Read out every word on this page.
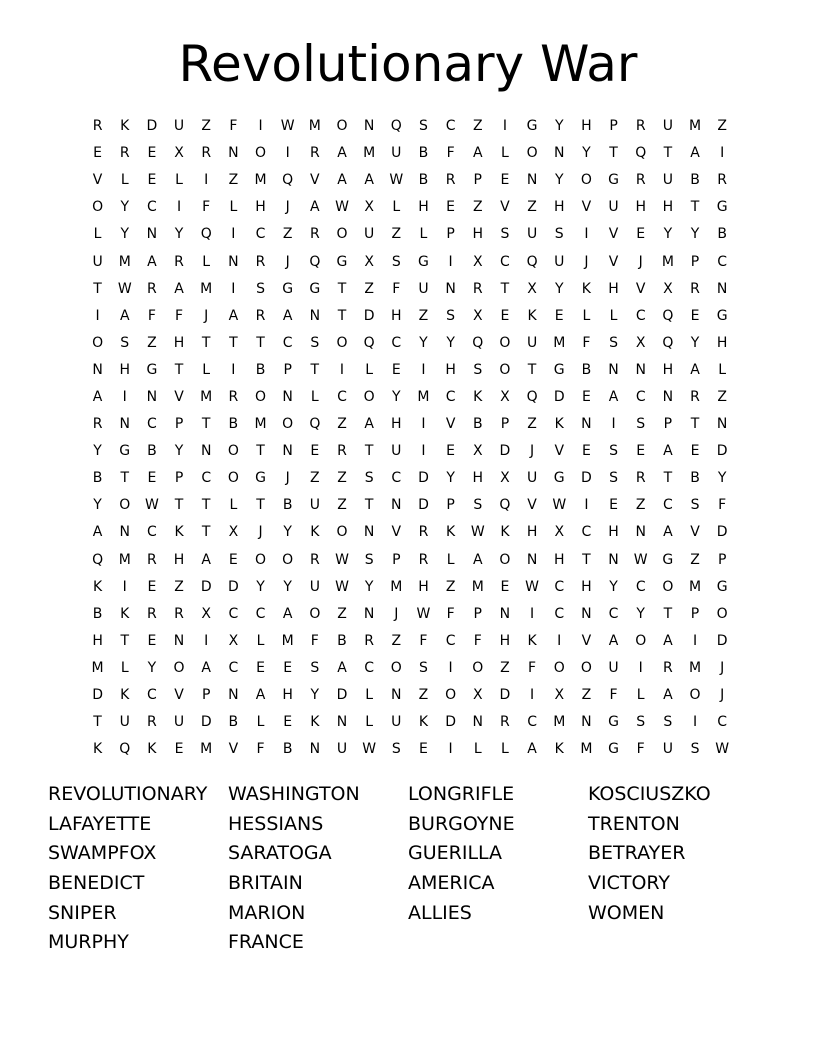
Revolutionary War
R	K	D	U	Z	F	I	W	M	O	N	Q	S	C	Z	I	G	Y	H	P	R	U	M	Z
E	R	E	X	R	N	O	I	R	A	M	U	B	F	A	L	O	N	Y	T	Q	T	A	I
V	L	E	L	I	Z	M	Q	V	A	A	W	B	R	P	E	N	Y	O	G	R	U	B	R
O	Y	C	I	F	L	H	J	A	W	X	L	H	E	Z	V	Z	H	V	U	H	H	T	G
L	Y	N	Y	Q	I	C	Z	R	O	U	Z	L	P	H	S	U	S	I	V	E	Y	Y	B
U	M	A	R	L	N	R	J	Q	G	X	S	G	I	X	C	Q	U	J	V	J	M	P	C
T	W	R	A	M	I	S	G	G	T	Z	F	U	N	R	T	X	Y	K	H	V	X	R	N
I	A	F	F	J	A	R	A	N	T	D	H	Z	S	X	E	K	E	L	L	C	Q	E	G
O	S	Z	H	T	T	T	C	S	O	Q	C	Y	Y	Q	O	U	M	F	S	X	Q	Y	H
N	H	G	T	L	I	B	P	T	I	L	E	I	H	S	O	T	G	B	N	N	H	A	L
A	I	N	V	M	R	O	N	L	C	O	Y	M	C	K	X	Q	D	E	A	C	N	R	Z
R	N	C	P	T	B	M	O	Q	Z	A	H	I	V	B	P	Z	K	N	I	S	P	T	N
Y	G	B	Y	N	O	T	N	E	R	T	U	I	E	X	D	J	V	E	S	E	A	E	D
B	T	E	P	C	O	G	J	Z	Z	S	C	D	Y	H	X	U	G	D	S	R	T	B	Y
Y	O	W	T	T	L	T	B	U	Z	T	N	D	P	S	Q	V	W	I	E	Z	C	S	F
A	N	C	K	T	X	J	Y	K	O	N	V	R	K	W	K	H	X	C	H	N	A	V	D
Q	M	R	H	A	E	O	O	R	W	S	P	R	L	A	O	N	H	T	N	W	G	Z	P
K	I	E	Z	D	D	Y	Y	U	W	Y	M	H	Z	M	E	W	C	H	Y	C	O	M	G
B	K	R	R	X	C	C	A	O	Z	N	J	W	F	P	N	I	C	N	C	Y	T	P	O
H	T	E	N	I	X	L	M	F	B	R	Z	F	C	F	H	K	I	V	A	O	A	I	D
M	L	Y	O	A	C	E	E	S	A	C	O	S	I	O	Z	F	O	O	U	I	R	M	J
D	K	C	V	P	N	A	H	Y	D	L	N	Z	O	X	D	I	X	Z	F	L	A	O	J
T	U	R	U	D	B	L	E	K	N	L	U	K	D	N	R	C	M	N	G	S	S	I	C
K	Q	K	E	M	V	F	B	N	U	W	S	E	I	L	L	A	K	M	G	F	U	S	W
REVOLUTIONARY
LAFAYETTE
SWAMPFOX
BENEDICT
SNIPER
MURPHY
WASHINGTON
HESSIANS
SARATOGA
BRITAIN
MARION
FRANCE
LONGRIFLE
BURGOYNE
GUERILLA
AMERICA
ALLIES
KOSCIUSZKO
TRENTON
BETRAYER
VICTORY
WOMEN
